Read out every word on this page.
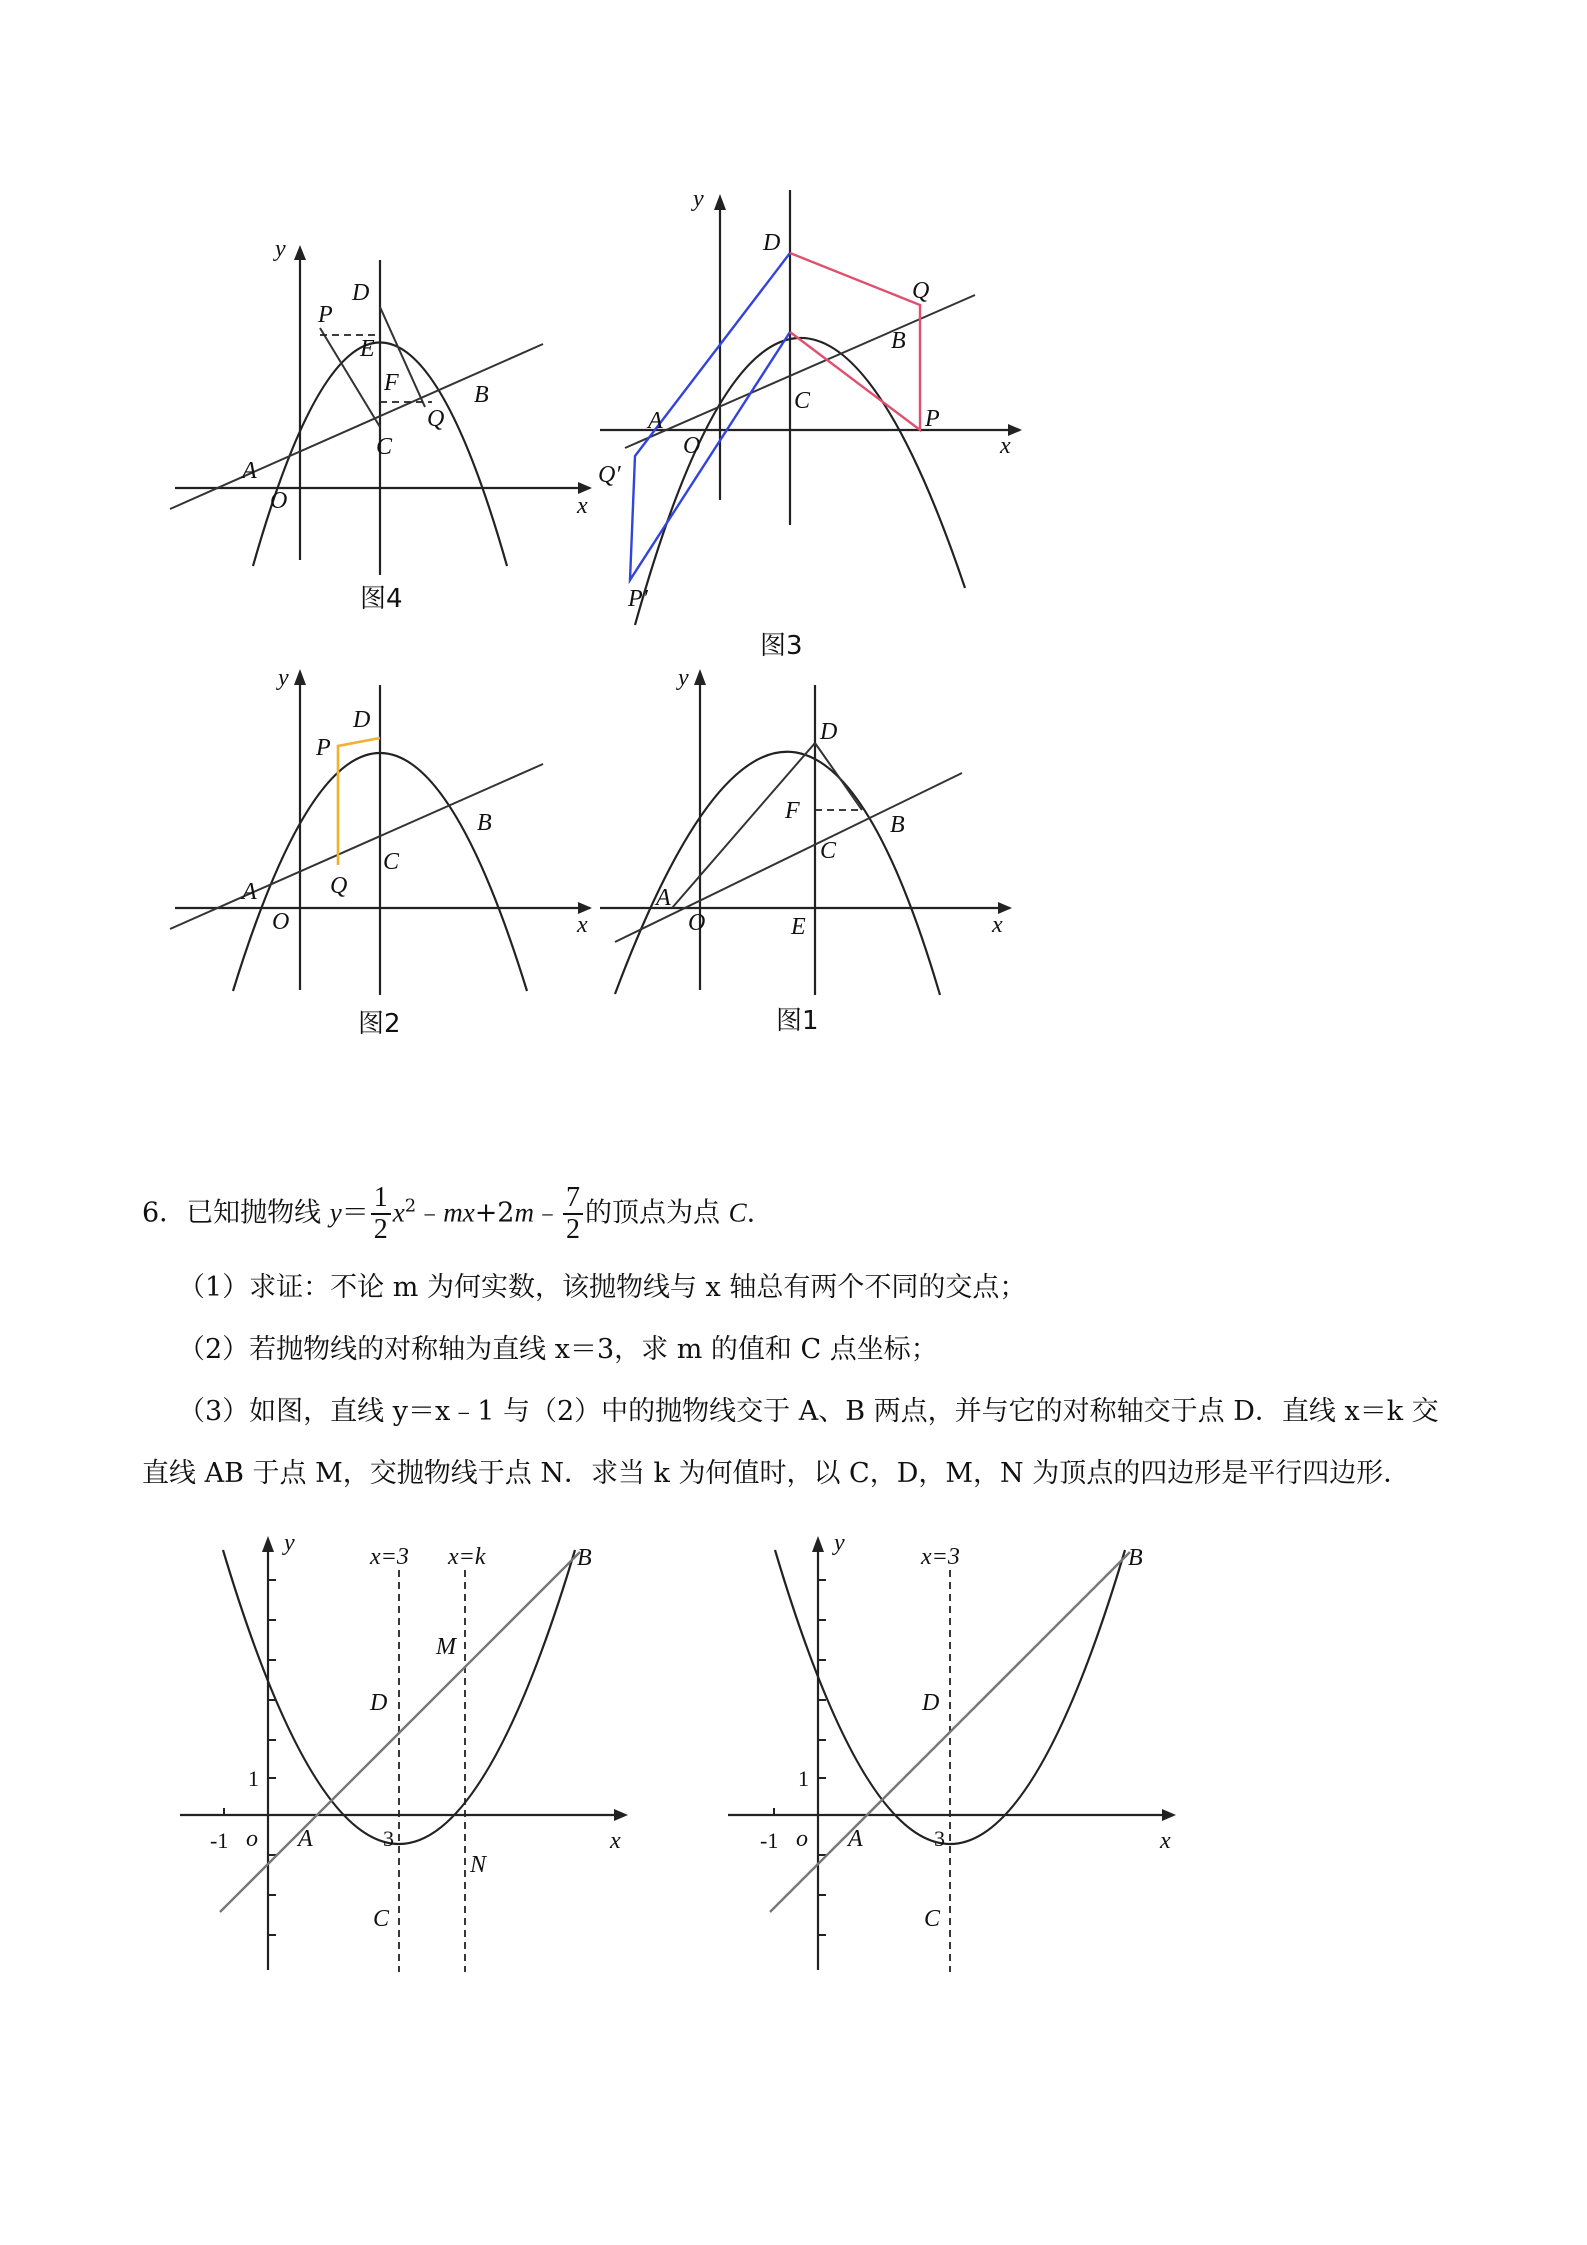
y
x
D
P
E
F
C
Q
B
A
O
图4
y
x
D
Q
B
C
P
A
O
Q′
P′
图3
y
x
D
P
B
C
Q
A
O
图2
y
x
D
F
B
C
A
O	E
图1
6．已知抛物线 $y= \frac{1}{2}$ $x^2﹣mx+2m﹣ \frac{7}{2}$ 的顶点为点 C.
（1）求证：不论 m 为何实数，该抛物线与 x 轴总有两个不同的交点；
（2）若抛物线的对称轴为直线 x＝3，求 m 的值和 C 点坐标；
（3）如图，直线 y＝x﹣1 与（2）中的抛物线交于 A、B 两点，并与它的对称轴交于点 D．直线 x＝k 交
直线 AB 于点 M，交抛物线于点 N．求当 k 为何值时，以 C，D，M，N 为顶点的四边形是平行四边形．
y
x
x=3 x=k	B
M
D
1
-1 o A	3
N
C
y
x
x=3	B
D
1
-1 o A	3
C
